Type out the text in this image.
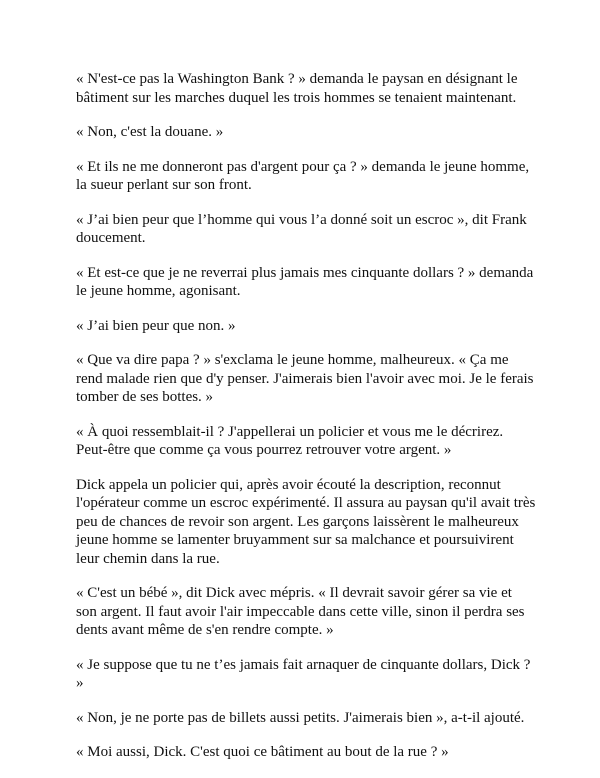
« N'est-ce pas la Washington Bank ? » demanda le paysan en désignant le bâtiment sur les marches duquel les trois hommes se tenaient maintenant.

« Non, c'est la douane. »

« Et ils ne me donneront pas d'argent pour ça ? » demanda le jeune homme, la sueur perlant sur son front.

« J’ai bien peur que l’homme qui vous l’a donné soit un escroc », dit Frank doucement.

« Et est-ce que je ne reverrai plus jamais mes cinquante dollars ? » demanda le jeune homme, agonisant.

« J’ai bien peur que non. »

« Que va dire papa ? » s'exclama le jeune homme, malheureux. « Ça me rend malade rien que d'y penser. J'aimerais bien l'avoir avec moi. Je le ferais tomber de ses bottes. »

« À quoi ressemblait-il ? J'appellerai un policier et vous me le décrirez. Peut-être que comme ça vous pourrez retrouver votre argent. »

Dick appela un policier qui, après avoir écouté la description, reconnut l'opérateur comme un escroc expérimenté. Il assura au paysan qu'il avait très peu de chances de revoir son argent. Les garçons laissèrent le malheureux jeune homme se lamenter bruyamment sur sa malchance et poursuivirent leur chemin dans la rue.

« C'est un bébé », dit Dick avec mépris. « Il devrait savoir gérer sa vie et son argent. Il faut avoir l'air impeccable dans cette ville, sinon il perdra ses dents avant même de s'en rendre compte. »

« Je suppose que tu ne t’es jamais fait arnaquer de cinquante dollars, Dick ? »

« Non, je ne porte pas de billets aussi petits. J'aimerais bien », a-t-il ajouté.

« Moi aussi, Dick. C'est quoi ce bâtiment au bout de la rue ? »
